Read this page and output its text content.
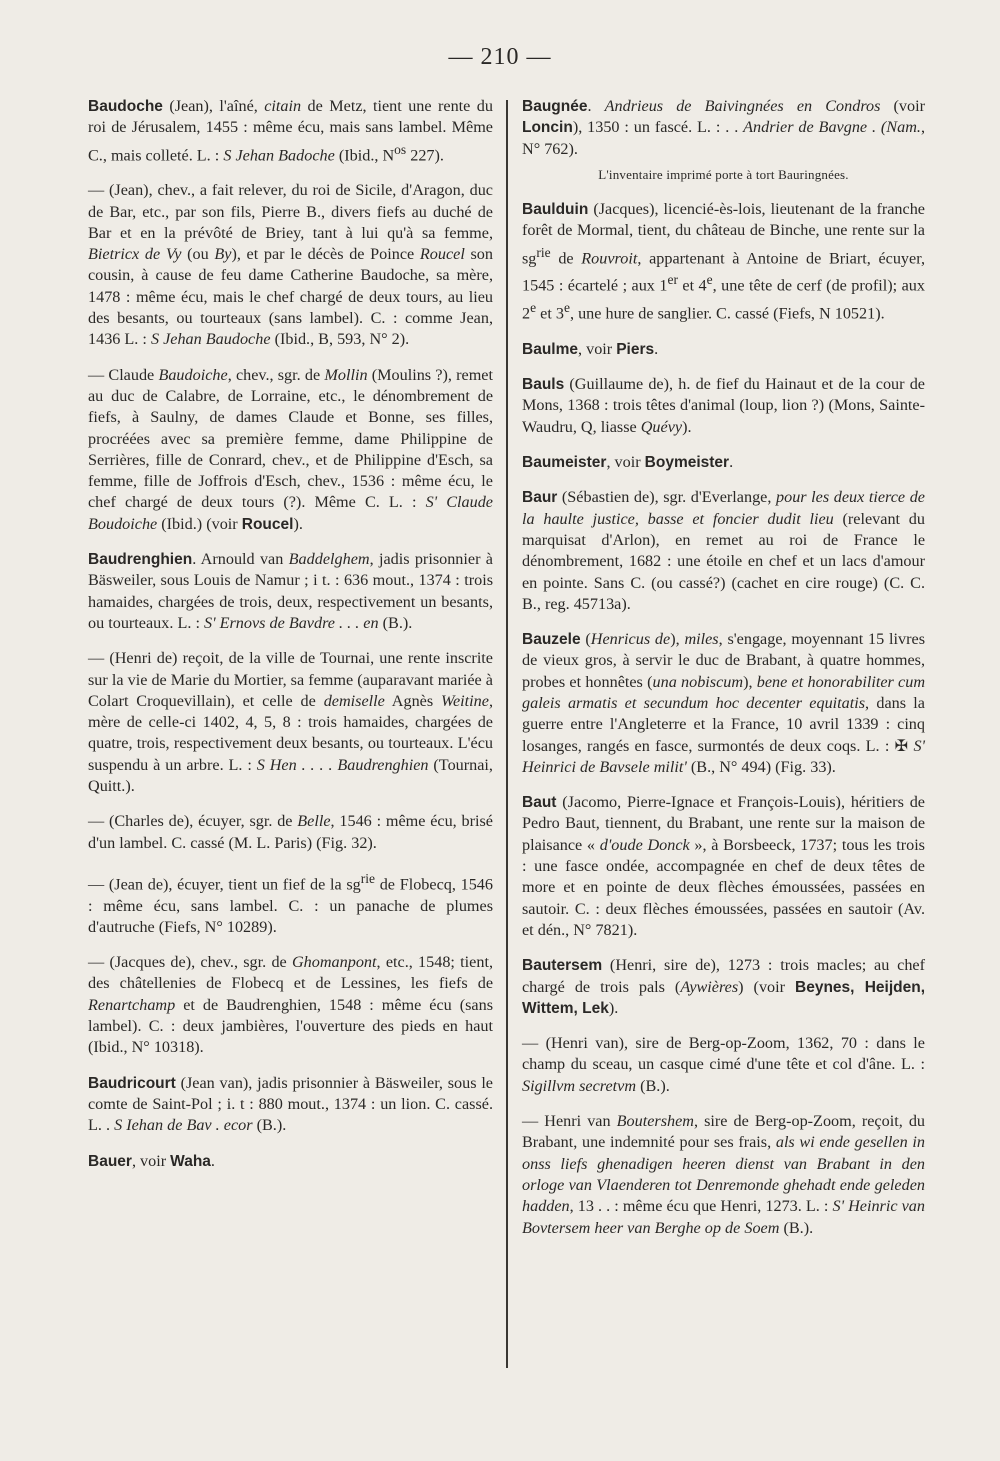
— 210 —
Baudoche (Jean), l'aîné, citain de Metz, tient une rente du roi de Jérusalem, 1455 : même écu, mais sans lambel. Même C., mais colleté. L. : S Jehan Badoche (Ibid., $N^{os}$ 227).
— (Jean), chev., a fait relever, du roi de Sicile, d'Aragon, duc de Bar, etc., par son fils, Pierre B., divers fiefs au duché de Bar et en la prévôté de Briey, tant à lui qu'à sa femme, Bietricx de Vy (ou By), et par le décès de Poince Roucel son cousin, à cause de feu dame Catherine Baudoche, sa mère, 1478 : même écu, mais le chef chargé de deux tours, au lieu des besants, ou tourteaux (sans lambel). C. : comme Jean, 1436 L. : S Jehan Baudoche (Ibid., B, 593, N° 2).
— Claude Baudoiche, chev., sgr. de Mollin (Moulins ?), remet au duc de Calabre, de Lorraine, etc., le dénombrement de fiefs, à Saulny, de dames Claude et Bonne, ses filles, procréées avec sa première femme, dame Philippine de Serrières, fille de Conrard, chev., et de Philippine d'Esch, sa femme, fille de Joffrois d'Esch, chev., 1536 : même écu, le chef chargé de deux tours (?). Même C. L. : S' Claude Boudoiche (Ibid.) (voir Roucel).
Baudrenghien. Arnould van Baddelghem, jadis prisonnier à Bäsweiler, sous Louis de Namur ; i t. : 636 mout., 1374 : trois hamaides, chargées de trois, deux, respectivement un besants, ou tourteaux. L. : S' Ernovs de Bavdre . . . en (B.).
— (Henri de) reçoit, de la ville de Tournai, une rente inscrite sur la vie de Marie du Mortier, sa femme (auparavant mariée à Colart Croquevillain), et celle de demiselle Agnès Weitine, mère de celle-ci 1402, 4, 5, 8 : trois hamaides, chargées de quatre, trois, respectivement deux besants, ou tourteaux. L'écu suspendu à un arbre. L. : S Hen . . . . Baudrenghien (Tournai, Quitt.).
— (Charles de), écuyer, sgr. de Belle, 1546 : même écu, brisé d'un lambel. C. cassé (M. L. Paris) (Fig. 32).
— (Jean de), écuyer, tient un fief de la $sg^{rie}$ de Flobecq, 1546 : même écu, sans lambel. C. : un panache de plumes d'autruche (Fiefs, N° 10289).
— (Jacques de), chev., sgr. de Ghomanpont, etc., 1548; tient, des châtellenies de Flobecq et de Lessines, les fiefs de Renartchamp et de Baudrenghien, 1548 : même écu (sans lambel). C. : deux jambières, l'ouverture des pieds en haut (Ibid., N° 10318).
Baudricourt (Jean van), jadis prisonnier à Bäsweiler, sous le comte de Saint-Pol ; i. t : 880 mout., 1374 : un lion. C. cassé. L. . S Iehan de Bav . ecor (B.).
Bauer, voir Waha.
Baugnée. Andrieus de Baivingnées en Condros (voir Loncin), 1350 : un fascé. L. : . . Andrier de Bavgne . (Nam., N° 762).
L'inventaire imprimé porte à tort Bauringnées.
Baulduin (Jacques), licencié-ès-lois, lieutenant de la franche forêt de Mormal, tient, du château de Binche, une rente sur la $sg^{rie}$ de Rouvroit, appartenant à Antoine de Briart, écuyer, 1545 : écartelé ; aux 1er et 4e, une tête de cerf (de profil); aux 2e et 3e, une hure de sanglier. C. cassé (Fiefs, N 10521).
Baulme, voir Piers.
Bauls (Guillaume de), h. de fief du Hainaut et de la cour de Mons, 1368 : trois têtes d'animal (loup, lion ?) (Mons, Sainte-Waudru, Q, liasse Quévy).
Baumeister, voir Boymeister.
Baur (Sébastien de), sgr. d'Everlange, pour les deux tierce de la haulte justice, basse et foncier dudit lieu (relevant du marquisat d'Arlon), en remet au roi de France le dénombrement, 1682 : une étoile en chef et un lacs d'amour en pointe. Sans C. (ou cassé?) (cachet en cire rouge) (C. C. B., reg. 45713a).
Bauzele (Henricus de), miles, s'engage, moyennant 15 livres de vieux gros, à servir le duc de Brabant, à quatre hommes, probes et honnêtes (una nobiscum), bene et honorabiliter cum galeis armatis et secundum hoc decenter equitatis, dans la guerre entre l'Angleterre et la France, 10 avril 1339 : cinq losanges, rangés en fasce, surmontés de deux coqs. L. : ✠ S' Heinrici de Bavsele milit' (B., N° 494) (Fig. 33).
Baut (Jacomo, Pierre-Ignace et François-Louis), héritiers de Pedro Baut, tiennent, du Brabant, une rente sur la maison de plaisance « d'oude Donck », à Borsbeeck, 1737; tous les trois : une fasce ondée, accompagnée en chef de deux têtes de more et en pointe de deux flèches émoussées, passées en sautoir. C. : deux flèches émoussées, passées en sautoir (Av. et dén., N° 7821).
Bautersem (Henri, sire de), 1273 : trois macles; au chef chargé de trois pals (Aywières) (voir Beynes, Heijden, Wittem, Lek).
— (Henri van), sire de Berg-op-Zoom, 1362, 70 : dans le champ du sceau, un casque cimé d'une tête et col d'âne. L. : Sigillvm secretvm (B.).
— Henri van Boutershem, sire de Berg-op-Zoom, reçoit, du Brabant, une indemnité pour ses frais, als wi ende gesellen in onss liefs ghenadigen heeren dienst van Brabant in den orloge van Vlaenderen tot Denremonde ghehadt ende geleden hadden, 13 . . : même écu que Henri, 1273. L. : S' Heinric van Bovtersem heer van Berghe op de Soem (B.).
